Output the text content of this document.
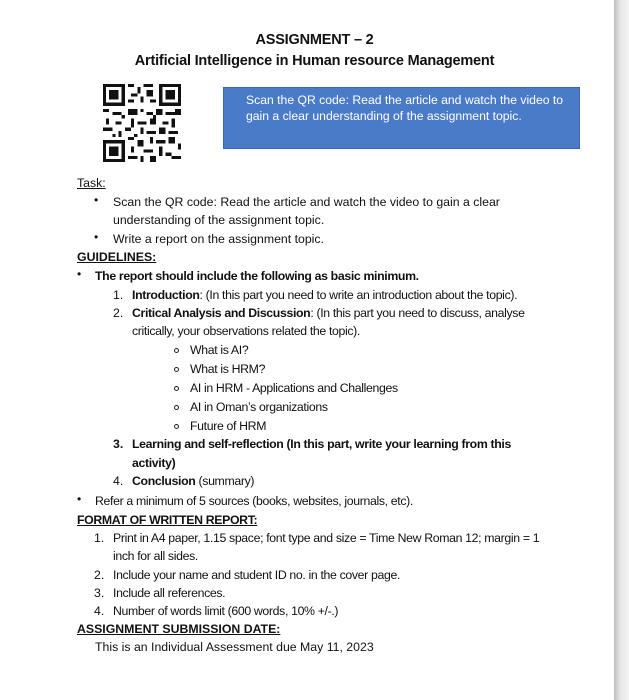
ASSIGNMENT – 2
Artificial Intelligence in Human resource Management
Scan the QR code: Read the article and watch the video to gain a clear understanding of the assignment topic.
Task:
• Scan the QR code: Read the article and watch the video to gain a clear
understanding of the assignment topic.
• Write a report on the assignment topic.
GUIDELINES:
• The report should include the following as basic minimum.
1. Introduction: (In this part you need to write an introduction about the topic).
2. Critical Analysis and Discussion: (In this part you need to discuss, analyse
critically, your observations related the topic).
What is AI?
What is HRM?
AI in HRM - Applications and Challenges
AI in Oman’s organizations
Future of HRM
3. Learning and self-reflection (In this part, write your learning from this
activity)
4. Conclusion (summary)
• Refer a minimum of 5 sources (books, websites, journals, etc).
FORMAT OF WRITTEN REPORT:
1. Print in A4 paper, 1.15 space; font type and size = Time New Roman 12; margin = 1
inch for all sides.
2. Include your name and student ID no. in the cover page.
3. Include all references.
4. Number of words limit (600 words, 10% +/-.)
ASSIGNMENT SUBMISSION DATE:
This is an Individual Assessment due May 11, 2023
